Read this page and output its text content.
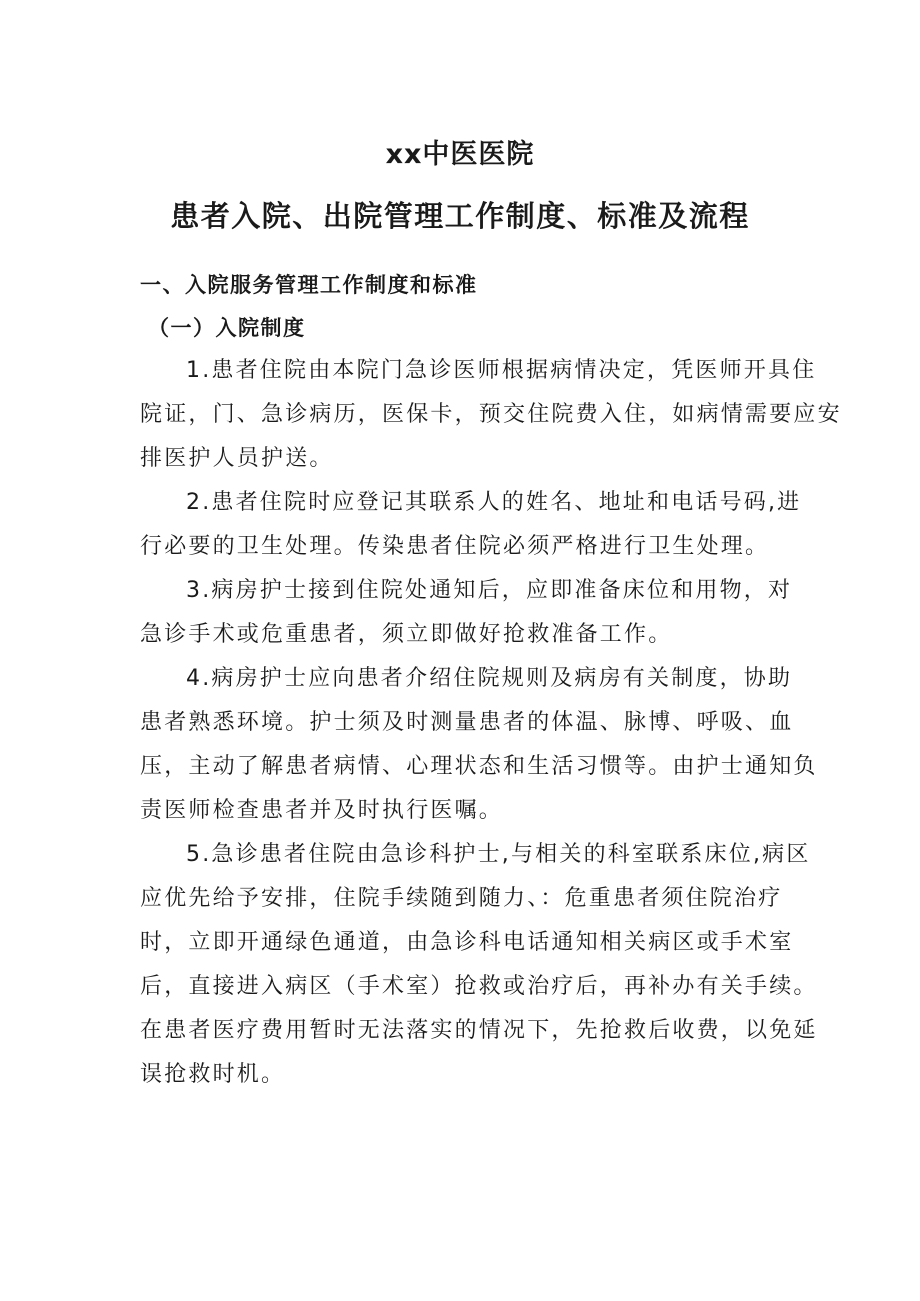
xx中医医院
患者入院、出院管理工作制度、标准及流程
一、入院服务管理工作制度和标准
（一）入院制度
1.患者住院由本院门急诊医师根据病情决定，凭医师开具住
院证，门、急诊病历，医保卡，预交住院费入住，如病情需要应安
排医护人员护送。
2.患者住院时应登记其联系人的姓名、地址和电话号码,进
行必要的卫生处理。传染患者住院必须严格进行卫生处理。
3.病房护士接到住院处通知后，应即准备床位和用物，对
急诊手术或危重患者，须立即做好抢救准备工作。
4.病房护士应向患者介绍住院规则及病房有关制度，协助
患者熟悉环境。护士须及时测量患者的体温、脉博、呼吸、血
压，主动了解患者病情、心理状态和生活习惯等。由护士通知负
责医师检查患者并及时执行医嘱。
5.急诊患者住院由急诊科护士,与相关的科室联系床位,病区
应优先给予安排，住院手续随到随力、：危重患者须住院治疗
时，立即开通绿色通道，由急诊科电话通知相关病区或手术室
后，直接进入病区（手术室）抢救或治疗后，再补办有关手续。
在患者医疗费用暂时无法落实的情况下，先抢救后收费，以免延
误抢救时机。
